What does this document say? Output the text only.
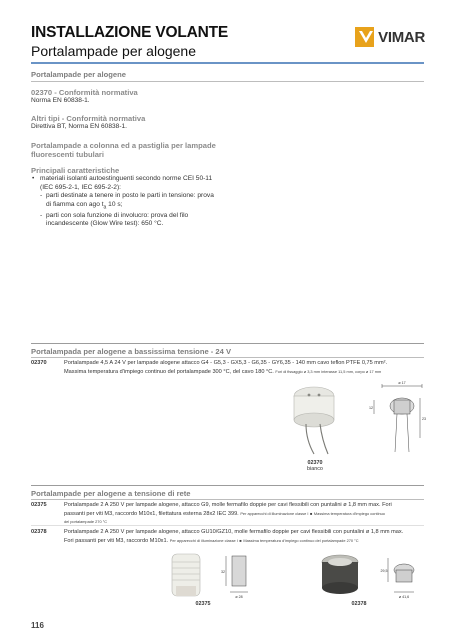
INSTALLAZIONE VOLANTE
Portalampade per alogene
VIMAR
Portalampade per alogene
02370 - Conformità normativa
Norma EN 60838-1.
Altri tipi - Conformità normativa
Direttiva BT, Norma EN 60838-1.
Portalampade a colonna ed a pastiglia per lampade
fluorescenti tubulari
Principali caratteristiche
• materiali isolanti autoestinguenti secondo norme CEI 50-11
(IEC 695-2-1, IEC 695-2-2):
- parti destinate a tenere in posto le parti in tensione: prova
di fiamma con ago $t_a$ 10 s;
- parti con sola funzione di involucro: prova del filo
incandescente (Glow Wire test): 650 °C.
Portalampada per alogene a bassissima tensione - 24 V
02370	Portalampade 4,5 A 24 V per lampade alogene attacco G4 - G5,3 - GX5,3 - G6,35 - GY6,35 - 140 mm cavo teflon PTFE 0,75 mm².
Massima temperatura d'impiego continuo del portalampade 300 °C, del cavo 180 °C. Fori di fissaggio ø 3,3 mm interasse 11,5 mm, corpo ø 17 mm
ø 17
12
23
02370
bianco
Portalampade per alogene a tensione di rete
02375	Portalampade 2 A 250 V per lampade alogene, attacco G9, molle fermafilo doppie per cavi flessibili con puntalini ø 1,8 mm max. Fori
passanti per viti M3, raccordo M10x1, filettatura esterna 28x2 IEC 399. Per apparecchi di illuminazione classe I ■ Massima temperatura d'impiego continuo
del portalampade 270 °C
02378	Portalampade 2 A 250 V per lampade alogene, attacco GU10/GZ10, molle fermafilo doppie per cavi flessibili con puntalini ø 1,8 mm max.
Fori passanti per viti M3, raccordo M10x1. Per apparecchi di illuminazione classe I ■ Massima temperatura d'impiego continuo del portalampade 270 °C
32
ø 28
02375
29,5
ø 41,6
02378
116
